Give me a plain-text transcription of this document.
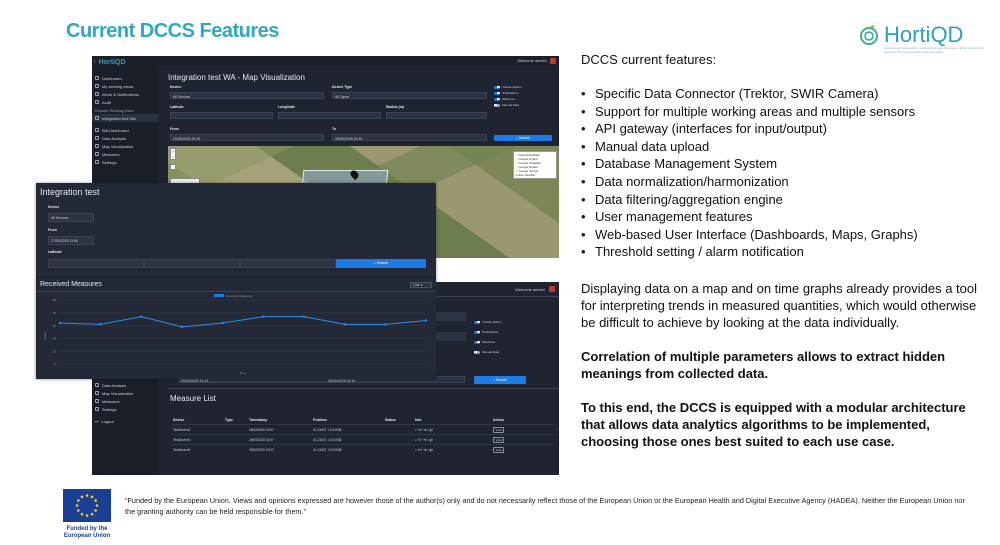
Current DCCS Features	HortiQD
Harmonised framework in monitoring of harmful insects: digital solutions for detection and high-resolution detection data
Welcome admin!
‹ HortiQD
Dashboard
My working areas
Alerts & Notifications
Audit
Explore Working Area
Integration test WA
WA Dashboard
Data Analysis
Map Visualization
Measures
Settings
Integration test WA - Map Visualization
Device
All Devices
Device Type
All Types
Include Alarms
Notifications
Measures
Manual Data
Latitude	Longitude	Radius (m)
From
20/05/2025 15:10
To
28/05/2025 15:10	⌕ Search
+
−	○ OpenStreetMap
○ Google Hybrid
○ Google Sattellite
○ Google Roads
○ Google Terrain
● Esri Satellite
Integration test
Device
All Devices
From
27/05/2025 11:59
Latitude
⌕ Search
Data Analysis
Map Visualization
Measures
Settings
↦ Logout
20/05/2025 15:10	28/05/2025 15:10	⌕ Search
Measure List
Device	Type	Timestamp	Position	Status	Info	Action
TestDevice0		28/05/2025 15:07	41.23437, 14.91948		● % / ℃ / gll	View
TestDevice0		28/05/2025 15:07	41.23437, 14.91948		● % / ℃ / gll	View
TestDevice0		28/05/2025 15:07	41.23437, 14.91948		● % / ℃ / gll	View
Received Measures	Line ▾
50
40
30
20
10
0
Received Measures
Value
Time
Welcome admin!
Include Alarms
Notifications
Measures
Manual Data
DCCS current features:
• Specific Data Connector (Trektor, SWIR Camera)
• Support for multiple working areas and multiple sensors
• API gateway (interfaces for input/output)
• Manual data upload
• Database Management System
• Data normalization/harmonization
• Data filtering/aggregation engine
• User management features
• Web-based User Interface (Dashboards, Maps, Graphs)
• Threshold setting / alarm notification
Displaying data on a map and on time graphs already provides a tool for interpreting trends in measured quantities, which would otherwise be difficult to achieve by looking at the data individually.
Correlation of multiple parameters allows to extract hidden meanings from collected data.
To this end, the DCCS is equipped with a modular architecture that allows data analytics algorithms to be implemented, choosing those ones best suited to each use case.
Funded by the European Union
“Funded by the European Union. Views and opinions expressed are however those of the author(s) only and do not necessarily reflect those of the European Union or the European Health and Digital Executive Agency (HADEA). Neither the European Union nor the granting authority can be held responsible for them.”
